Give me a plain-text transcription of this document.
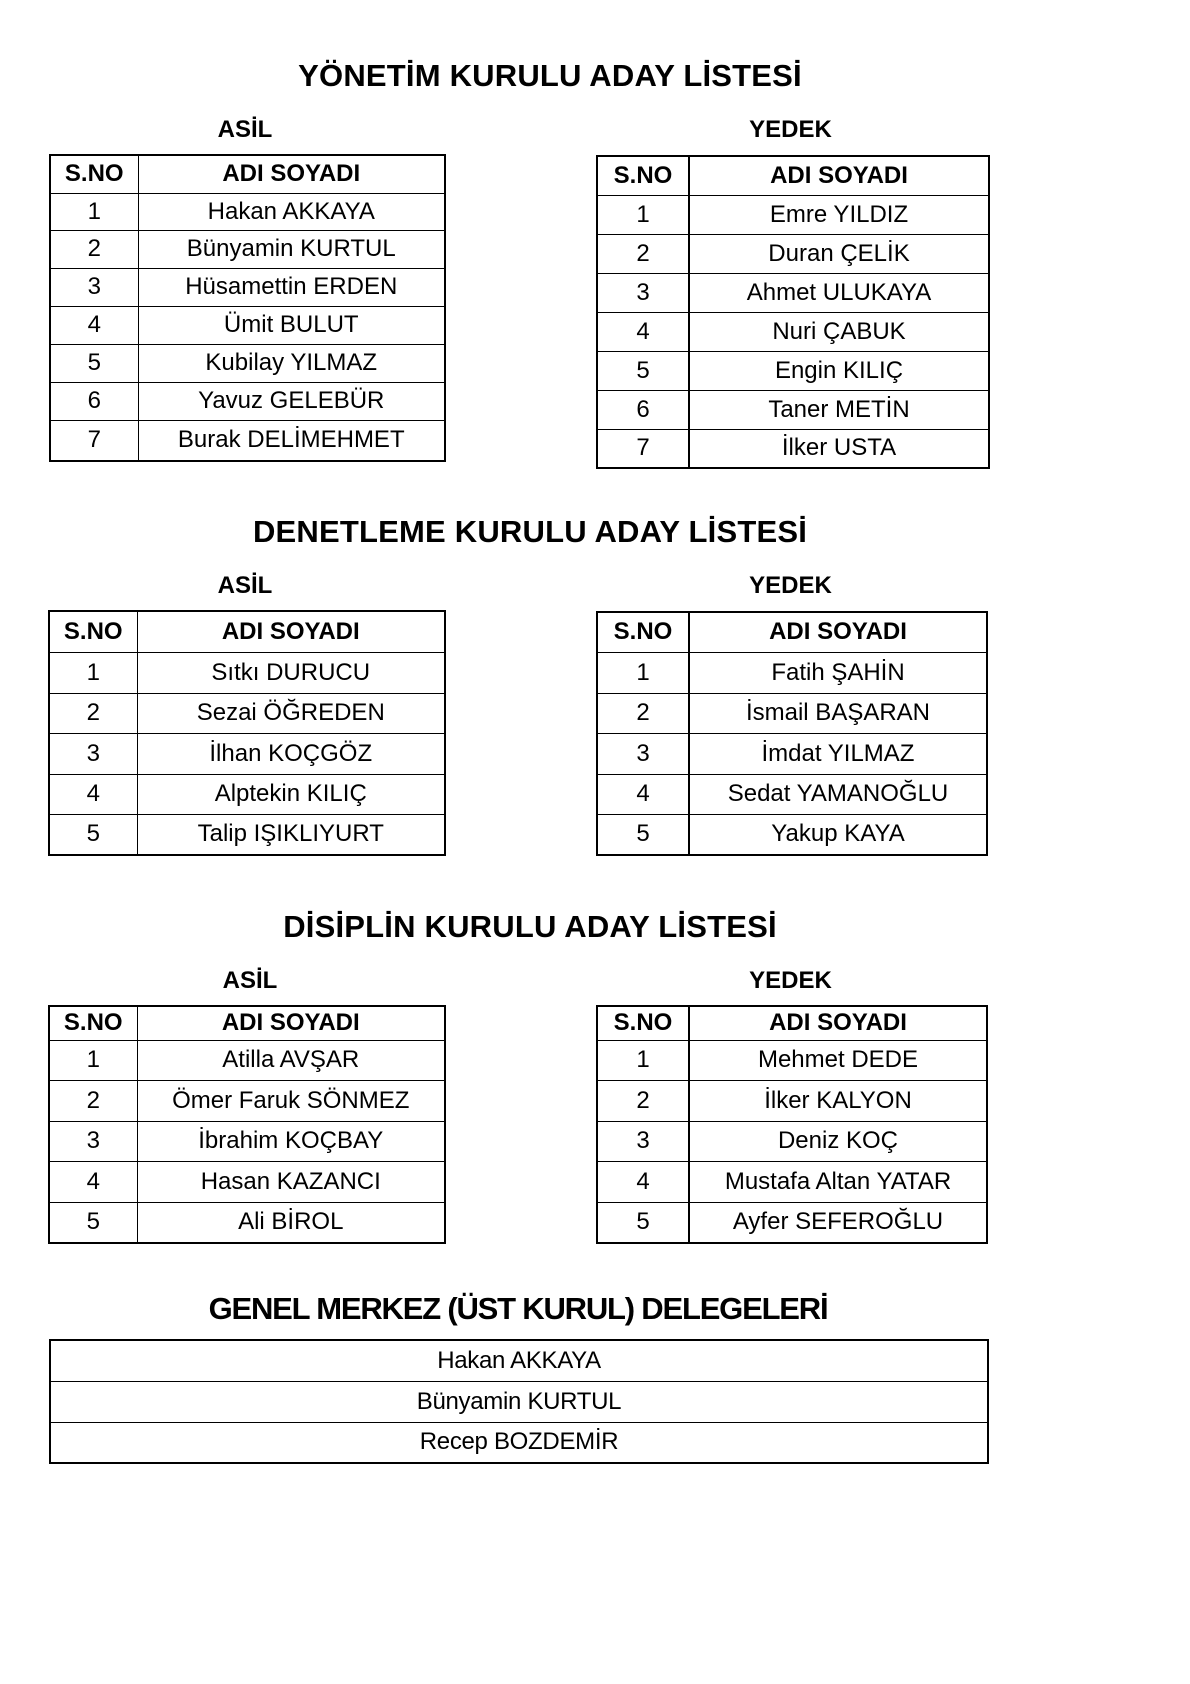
YÖNETİM KURULU ADAY LİSTESİ
ASİL	YEDEK
S.NO	ADI SOYADI
1	Hakan AKKAYA
2	Bünyamin KURTUL
3	Hüsamettin ERDEN
4	Ümit BULUT
5	Kubilay YILMAZ
6	Yavuz GELEBÜR
7	Burak DELİMEHMET
S.NO	ADI SOYADI
1	Emre YILDIZ
2	Duran ÇELİK
3	Ahmet ULUKAYA
4	Nuri ÇABUK
5	Engin KILIÇ
6	Taner METİN
7	İlker USTA
DENETLEME KURULU ADAY LİSTESİ
ASİL	YEDEK
S.NO	ADI SOYADI
1	Sıtkı DURUCU
2	Sezai ÖĞREDEN
3	İlhan KOÇGÖZ
4	Alptekin KILIÇ
5	Talip IŞIKLIYURT
S.NO	ADI SOYADI
1	Fatih ŞAHİN
2	İsmail BAŞARAN
3	İmdat YILMAZ
4	Sedat YAMANOĞLU
5	Yakup KAYA
DİSİPLİN KURULU ADAY LİSTESİ
ASİL	YEDEK
S.NO	ADI SOYADI
1	Atilla AVŞAR
2	Ömer Faruk SÖNMEZ
3	İbrahim KOÇBAY
4	Hasan KAZANCI
5	Ali BİROL
S.NO	ADI SOYADI
1	Mehmet DEDE
2	İlker KALYON
3	Deniz KOÇ
4	Mustafa Altan YATAR
5	Ayfer SEFEROĞLU
GENEL MERKEZ (ÜST KURUL) DELEGELERİ
Hakan AKKAYA
Bünyamin KURTUL
Recep BOZDEMİR
